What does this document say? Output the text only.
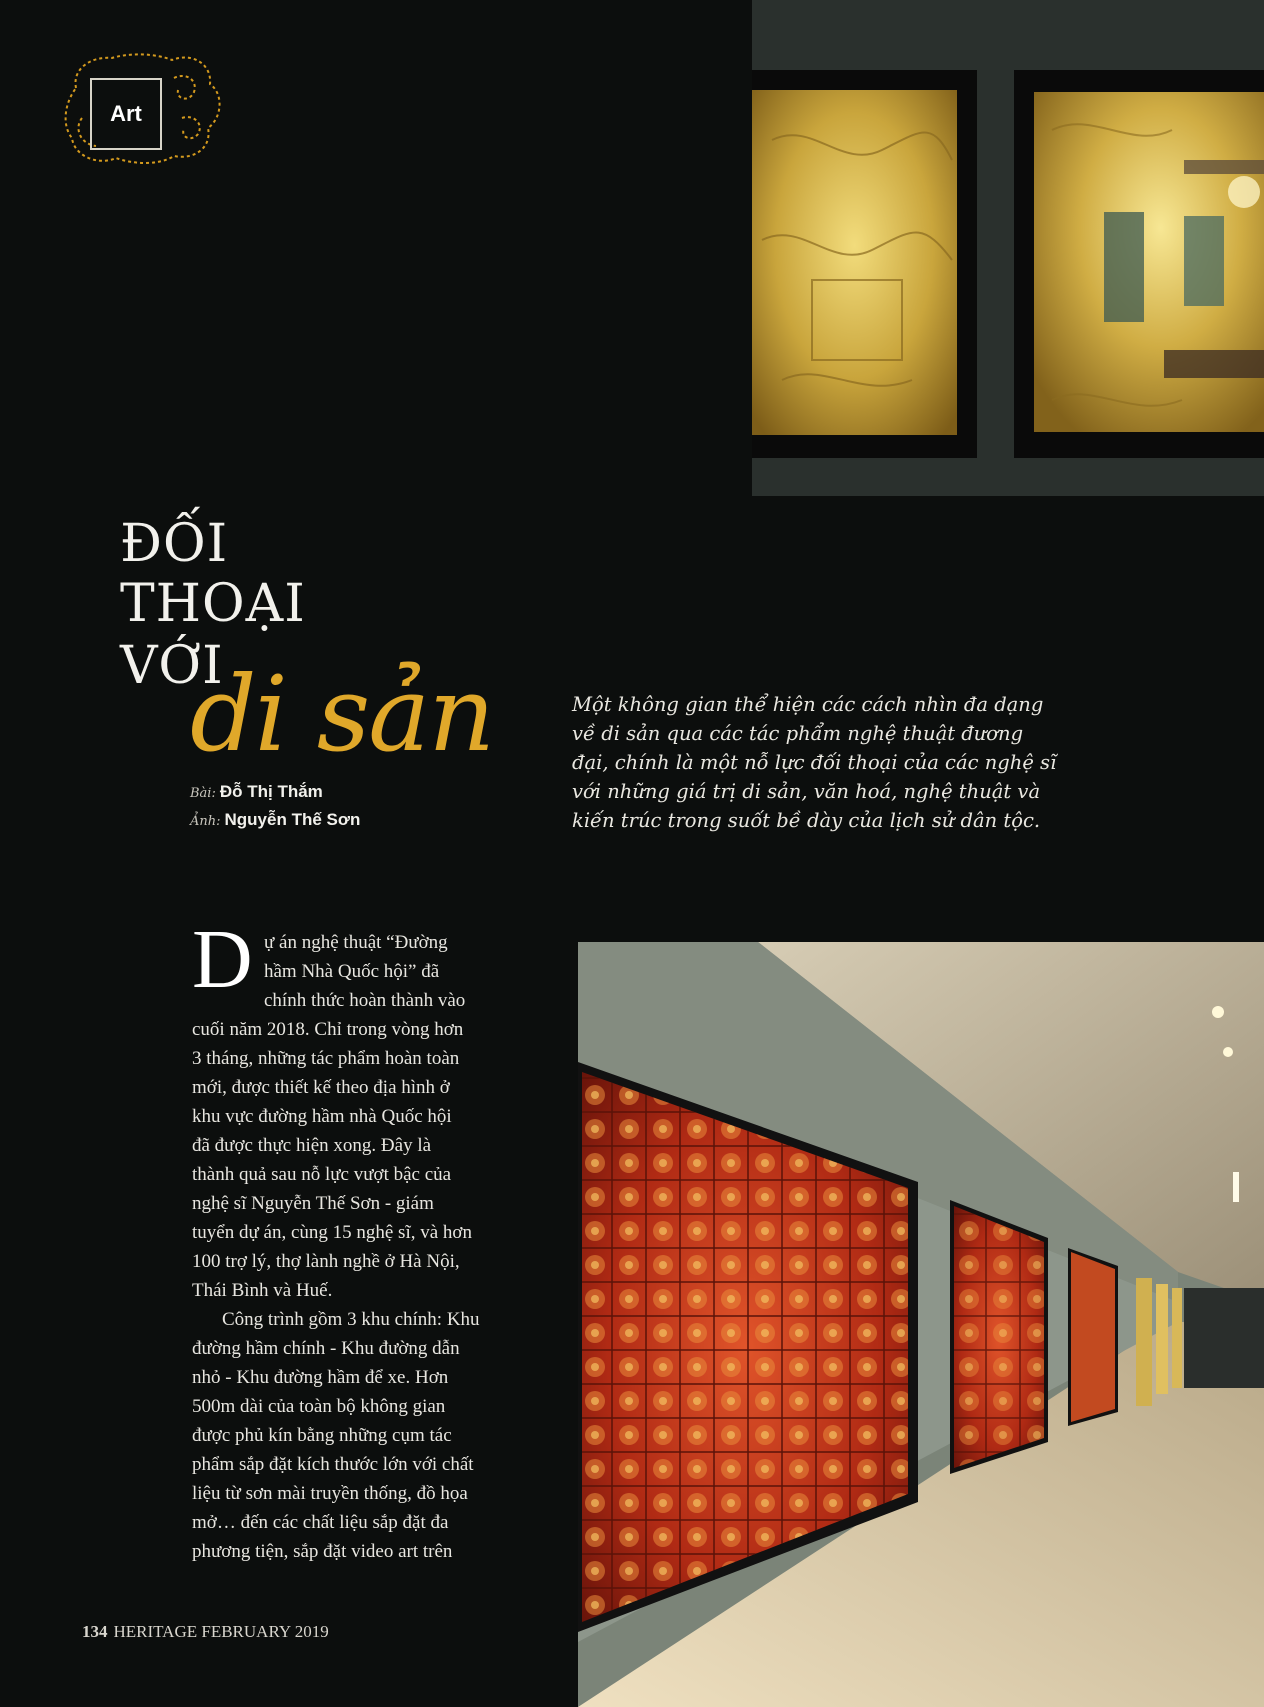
Art
ĐỐI
THOẠI
VỚI
di sản
Bài: Đỗ Thị Thắm
Ảnh: Nguyễn Thế Sơn
Một không gian thể hiện các cách nhìn đa dạng
về di sản qua các tác phẩm nghệ thuật đương
đại, chính là một nỗ lực đối thoại của các nghệ sĩ
với những giá trị di sản, văn hoá, nghệ thuật và
kiến trúc trong suốt bề dày của lịch sử dân tộc.
D ự án nghệ thuật “Đường
hầm Nhà Quốc hội” đã
chính thức hoàn thành vào
cuối năm 2018. Chỉ trong vòng hơn
3 tháng, những tác phẩm hoàn toàn
mới, được thiết kế theo địa hình ở
khu vực đường hầm nhà Quốc hội
đã được thực hiện xong. Đây là
thành quả sau nỗ lực vượt bậc của
nghệ sĩ Nguyễn Thế Sơn - giám
tuyển dự án, cùng 15 nghệ sĩ, và hơn
100 trợ lý, thợ lành nghề ở Hà Nội,
Thái Bình và Huế.
Công trình gồm 3 khu chính: Khu
đường hầm chính - Khu đường dẫn
nhỏ - Khu đường hầm để xe. Hơn
500m dài của toàn bộ không gian
được phủ kín bằng những cụm tác
phẩm sắp đặt kích thước lớn với chất
liệu từ sơn mài truyền thống, đồ họa
mở… đến các chất liệu sắp đặt đa
phương tiện, sắp đặt video art trên
134 HERITAGE FEBRUARY 2019
